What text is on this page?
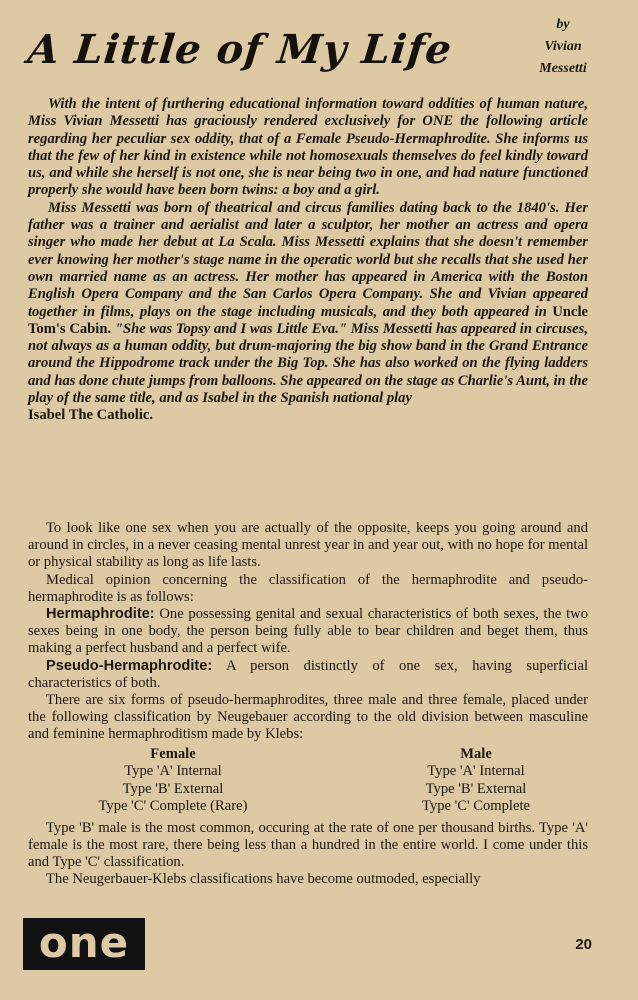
A Little of My Life
by
Vivian
Messetti

With the intent of furthering educational information toward oddities of human nature, Miss Vivian Messetti has graciously rendered exclusively for ONE the following article regarding her peculiar sex oddity, that of a Female Pseudo-Hermaphrodite. She informs us that the few of her kind in existence while not homosexuals themselves do feel kindly toward us, and while she herself is not one, she is near being two in one, and had nature functioned properly she would have been born twins: a boy and a girl.

Miss Messetti was born of theatrical and circus families dating back to the 1840's. Her father was a trainer and aerialist and later a sculptor, her mother an actress and opera singer who made her debut at La Scala. Miss Messetti explains that she doesn't remember ever knowing her mother's stage name in the operatic world but she recalls that she used her own married name as an actress. Her mother has appeared in America with the Boston English Opera Company and the San Carlos Opera Company. She and Vivian appeared together in films, plays on the stage including musicals, and they both appeared in Uncle Tom's Cabin. "She was Topsy and I was Little Eva." Miss Messetti has appeared in circuses, not always as a human oddity, but drum-majoring the big show band in the Grand Entrance around the Hippodrome track under the Big Top. She has also worked on the flying ladders and has done chute jumps from balloons. She appeared on the stage as Charlie's Aunt, in the play of the same title, and as Isabel in the Spanish national play
Isabel The Catholic.

To look like one sex when you are actually of the opposite, keeps you going around and around in circles, in a never ceasing mental unrest year in and year out, with no hope for mental or physical stability as long as life lasts.

Medical opinion concerning the classification of the hermaphrodite and pseudo-hermaphrodite is as follows:

Hermaphrodite: One possessing genital and sexual characteristics of both sexes, the two sexes being in one body, the person being fully able to bear children and beget them, thus making a perfect husband and a perfect wife.

Pseudo-Hermaphrodite: A person distinctly of one sex, having superficial characteristics of both.

There are six forms of pseudo-hermaphrodites, three male and three female, placed under the following classification by Neugebauer according to the old division between masculine and feminine hermaphroditism made by Klebs:

Female
Type 'A' Internal
Type 'B' External
Type 'C' Complete (Rare)
Male
Type 'A' Internal
Type 'B' External
Type 'C' Complete

Type 'B' male is the most common, occuring at the rate of one per thousand births. Type 'A' female is the most rare, there being less than a hundred in the entire world. I come under this and Type 'C' classification.

The Neugerbauer-Klebs classifications have become outmoded, especially

one	20
